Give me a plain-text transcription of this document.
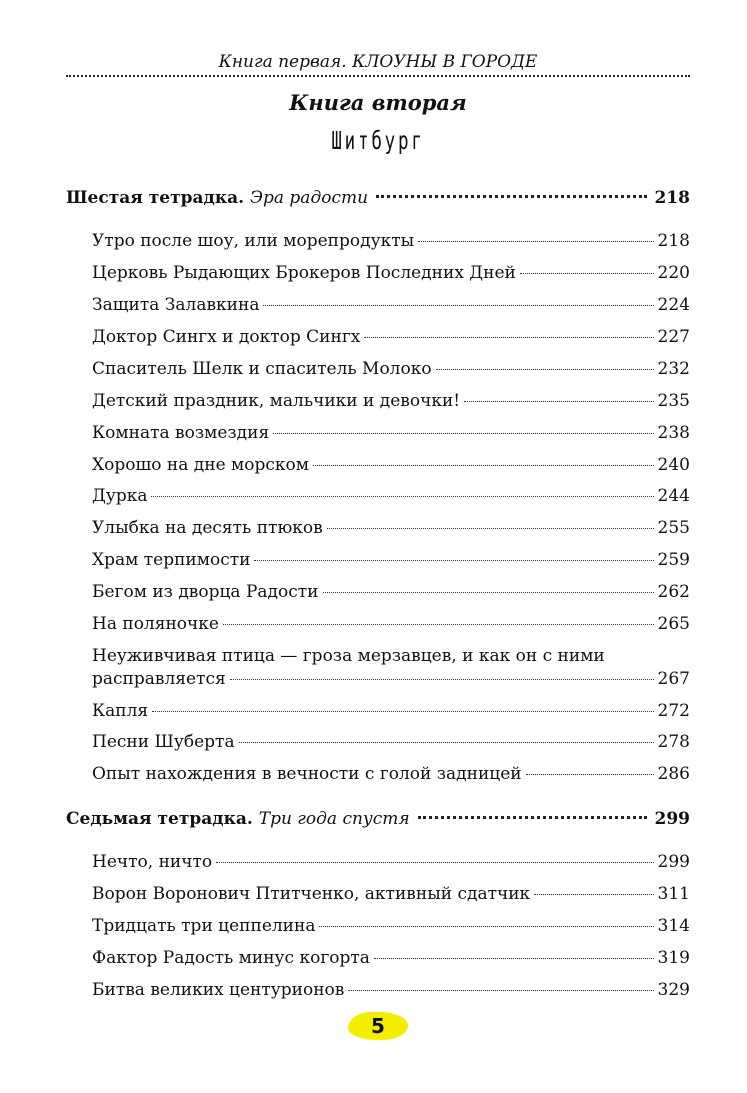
Книга первая. КЛОУНЫ В ГОРОДЕ
Книга вторая
Шитбург
Шестая тетрадка. Эра радости	218
Утро после шоу, или морепродукты	218
Церковь Рыдающих Брокеров Последних Дней	220
Защита Залавкина	224
Доктор Сингх и доктор Сингх	227
Спаситель Шелк и спаситель Молоко	232
Детский праздник, мальчики и девочки!	235
Комната возмездия	238
Хорошо на дне морском	240
Дурка	244
Улыбка на десять птюков	255
Храм терпимости	259
Бегом из дворца Радости	262
На поляночке	265
Неуживчивая птица — гроза мерзавцев, и как он с ними
расправляется	267
Капля	272
Песни Шуберта	278
Опыт нахождения в вечности с голой задницей	286
Седьмая тетрадка. Три года спустя	299
Нечто, ничто	299
Ворон Воронович Птитченко, активный сдатчик	311
Тридцать три цеппелина	314
Фактор Радость минус когорта	319
Битва великих центурионов	329
5
